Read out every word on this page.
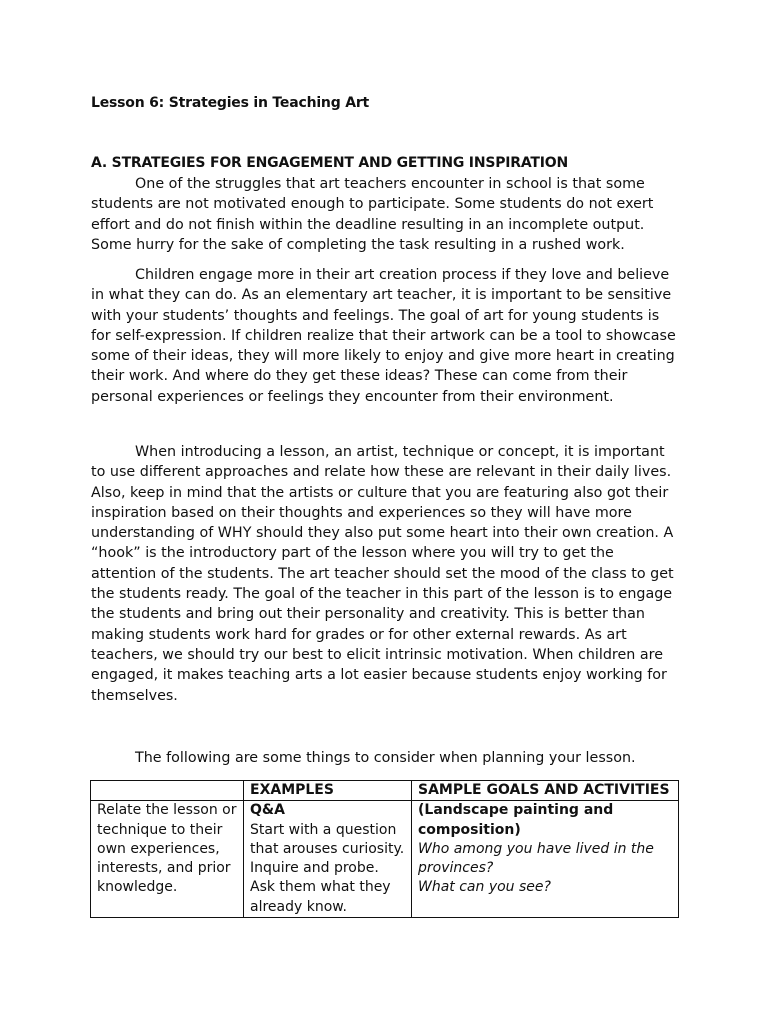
Lesson 6: Strategies in Teaching Art
A. STRATEGIES FOR ENGAGEMENT AND GETTING INSPIRATION

One of the struggles that art teachers encounter in school is that some students are not motivated enough to participate. Some students do not exert effort and do not finish within the deadline resulting in an incomplete output. Some hurry for the sake of completing the task resulting in a rushed work.

Children engage more in their art creation process if they love and believe in what they can do. As an elementary art teacher, it is important to be sensitive with your students’ thoughts and feelings. The goal of art for young students is for self-expression. If children realize that their artwork can be a tool to showcase some of their ideas, they will more likely to enjoy and give more heart in creating their work. And where do they get these ideas? These can come from their personal experiences or feelings they encounter from their environment.

When introducing a lesson, an artist, technique or concept, it is important to use different approaches and relate how these are relevant in their daily lives. Also, keep in mind that the artists or culture that you are featuring also got their inspiration based on their thoughts and experiences so they will have more understanding of WHY should they also put some heart into their own creation. A “hook” is the introductory part of the lesson where you will try to get the attention of the students. The art teacher should set the mood of the class to get the students ready. The goal of the teacher in this part of the lesson is to engage the students and bring out their personality and creativity. This is better than making students work hard for grades or for other external rewards. As art teachers, we should try our best to elicit intrinsic motivation. When children are engaged, it makes teaching arts a lot easier because students enjoy working for themselves.

The following are some things to consider when planning your lesson.
	EXAMPLES	SAMPLE GOALS AND ACTIVITIES

Relate the lesson or technique to their own experiences, interests, and prior knowledge.	Q&A
Start with a question that arouses curiosity.
Inquire and probe.
Ask them what they already know.	(Landscape painting and composition)
Who among you have lived in the provinces?
What can you see?
